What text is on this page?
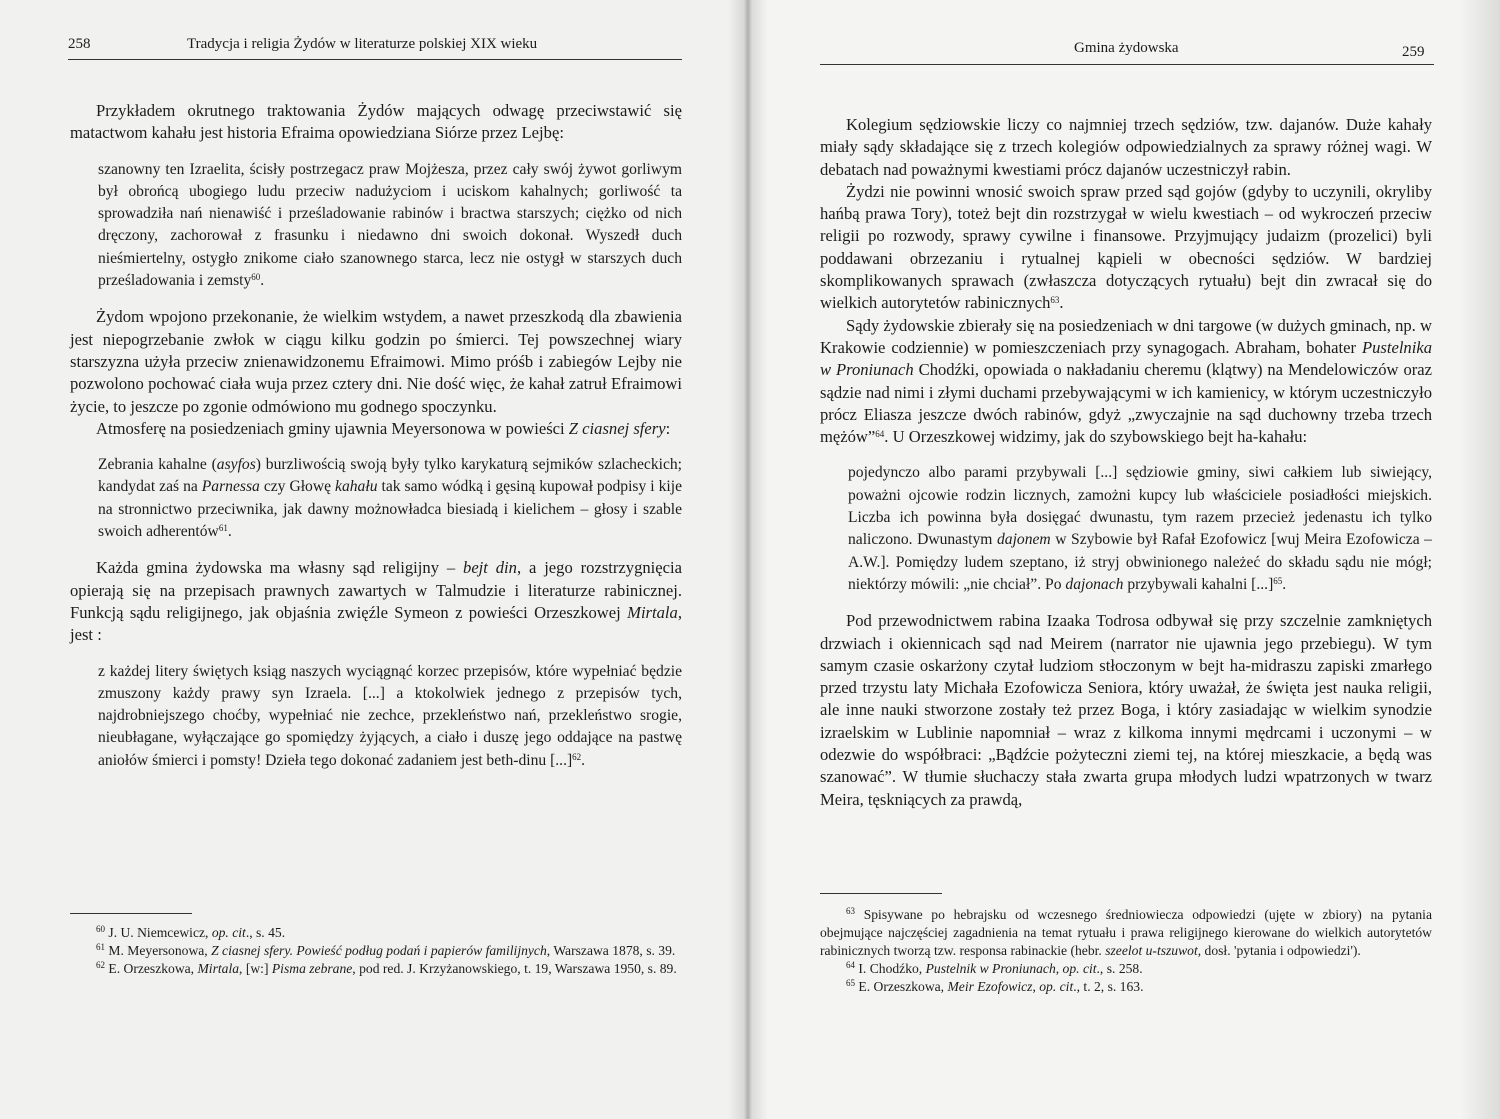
258	Tradycja i religia Żydów w literaturze polskiej XIX wieku

Przykładem okrutnego traktowania Żydów mających odwagę przeciwstawić się matactwom kahału jest historia Efraima opowiedziana Siórze przez Lejbę:

szanowny ten Izraelita, ścisły postrzegacz praw Mojżesza, przez cały swój żywot gorliwym był obrońcą ubogiego ludu przeciw nadużyciom i uciskom kahalnych; gorliwość ta sprowadziła nań nienawiść i prześladowanie rabinów i bractwa starszych; ciężko od nich dręczony, zachorował z frasunku i niedawno dni swoich dokonał. Wyszedł duch nieśmiertelny, ostygło znikome ciało szanownego starca, lecz nie ostygł w starszych duch prześladowania i zemsty$^{60}$.

Żydom wpojono przekonanie, że wielkim wstydem, a nawet przeszkodą dla zbawienia jest niepogrzebanie zwłok w ciągu kilku godzin po śmierci. Tej powszechnej wiary starszyzna użyła przeciw znienawidzonemu Efraimowi. Mimo próśb i zabiegów Lejby nie pozwolono pochować ciała wuja przez cztery dni. Nie dość więc, że kahał zatruł Efraimowi życie, to jeszcze po zgonie odmówiono mu godnego spoczynku.

Atmosferę na posiedzeniach gminy ujawnia Meyersonowa w powieści Z ciasnej sfery:

Zebrania kahalne (asyfos) burzliwością swoją były tylko karykaturą sejmików szlacheckich; kandydat zaś na Parnessa czy Głowę kahału tak samo wódką i gęsiną kupował podpisy i kije na stronnictwo przeciwnika, jak dawny możnowładca biesiadą i kielichem – głosy i szable swoich adherentów$^{61}$.

Każda gmina żydowska ma własny sąd religijny – bejt din, a jego rozstrzygnięcia opierają się na przepisach prawnych zawartych w Talmudzie i literaturze rabinicznej. Funkcją sądu religijnego, jak objaśnia zwięźle Symeon z powieści Orzeszkowej Mirtala, jest :

z każdej litery świętych ksiąg naszych wyciągnąć korzec przepisów, które wypełniać będzie zmuszony każdy prawy syn Izraela. [...] a ktokolwiek jednego z przepisów tych, najdrobniejszego choćby, wypełniać nie zechce, przekleństwo nań, przekleństwo srogie, nieubłagane, wyłączające go spomiędzy żyjących, a ciało i duszę jego oddające na pastwę aniołów śmierci i pomsty! Dzieła tego dokonać zadaniem jest beth-dinu [...]$^{62}$.

$^{60}$ J. U. Niemcewicz, op. cit., s. 45.

$^{61}$ M. Meyersonowa, Z ciasnej sfery. Powieść podług podań i papierów familijnych, Warszawa 1878, s. 39.

$^{62}$ E. Orzeszkowa, Mirtala, [w:] Pisma zebrane, pod red. J. Krzyżanowskiego, t. 19, Warszawa 1950, s. 89.

Gmina żydowska	259

Kolegium sędziowskie liczy co najmniej trzech sędziów, tzw. dajanów. Duże kahały miały sądy składające się z trzech kolegiów odpowiedzialnych za sprawy różnej wagi. W debatach nad poważnymi kwestiami prócz dajanów uczestniczył rabin.

Żydzi nie powinni wnosić swoich spraw przed sąd gojów (gdyby to uczynili, okryliby hańbą prawa Tory), toteż bejt din rozstrzygał w wielu kwestiach – od wykroczeń przeciw religii po rozwody, sprawy cywilne i finansowe. Przyjmujący judaizm (prozelici) byli poddawani obrzezaniu i rytualnej kąpieli w obecności sędziów. W bardziej skomplikowanych sprawach (zwłaszcza dotyczących rytuału) bejt din zwracał się do wielkich autorytetów rabinicznych$^{63}$.

Sądy żydowskie zbierały się na posiedzeniach w dni targowe (w dużych gminach, np. w Krakowie codziennie) w pomieszczeniach przy synagogach. Abraham, bohater Pustelnika w Proniunach Chodźki, opowiada o nakładaniu cheremu (klątwy) na Mendelowiczów oraz sądzie nad nimi i złymi duchami przebywającymi w ich kamienicy, w którym uczestniczyło prócz Eliasza jeszcze dwóch rabinów, gdyż „zwyczajnie na sąd duchowny trzeba trzech mężów”$^{64}$. U Orzeszkowej widzimy, jak do szybowskiego bejt ha-kahału:

pojedynczo albo parami przybywali [...] sędziowie gminy, siwi całkiem lub siwiejący, poważni ojcowie rodzin licznych, zamożni kupcy lub właściciele posiadłości miejskich. Liczba ich powinna była dosięgać dwunastu, tym razem przecież jedenastu ich tylko naliczono. Dwunastym dajonem w Szybowie był Rafał Ezofowicz [wuj Meira Ezofowicza – A.W.]. Pomiędzy ludem szeptano, iż stryj obwinionego należeć do składu sądu nie mógł; niektórzy mówili: „nie chciał”. Po dajonach przybywali kahalni [...]$^{65}$.

Pod przewodnictwem rabina Izaaka Todrosa odbywał się przy szczelnie zamkniętych drzwiach i okiennicach sąd nad Meirem (narrator nie ujawnia jego przebiegu). W tym samym czasie oskarżony czytał ludziom stłoczonym w bejt ha-midraszu zapiski zmarłego przed trzystu laty Michała Ezofowicza Seniora, który uważał, że święta jest nauka religii, ale inne nauki stworzone zostały też przez Boga, i który zasiadając w wielkim synodzie izraelskim w Lublinie napomniał – wraz z kilkoma innymi mędrcami i uczonymi – w odezwie do współbraci: „Bądźcie pożyteczni ziemi tej, na której mieszkacie, a będą was szanować”. W tłumie słuchaczy stała zwarta grupa młodych ludzi wpatrzonych w twarz Meira, tęskniących za prawdą,

$^{63}$ Spisywane po hebrajsku od wczesnego średniowiecza odpowiedzi (ujęte w zbiory) na pytania obejmujące najczęściej zagadnienia na temat rytuału i prawa religijnego kierowane do wielkich autorytetów rabinicznych tworzą tzw. responsa rabinackie (hebr. szeelot u-tszuwot, dosł. 'pytania i odpowiedzi').

$^{64}$ I. Chodźko, Pustelnik w Proniunach, op. cit., s. 258.

$^{65}$ E. Orzeszkowa, Meir Ezofowicz, op. cit., t. 2, s. 163.
